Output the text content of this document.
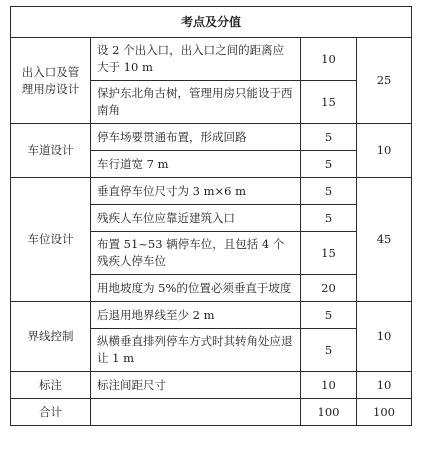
考点及分值			
出入口及管理用房设计	设 2 个出入口，出入口之间的距离应大于 10 m	10	25
	保护东北角古树，管理用房只能设于西南角	15	
车道设计	停车场要贯通布置，形成回路	5	10
	车行道宽 7 m	5	
车位设计	垂直停车位尺寸为 3 m×6 m	5	45
	残疾人车位应靠近建筑入口	5	
	布置 51~53 辆停车位，且包括 4 个残疾人停车位	15	
	用地坡度为 5%的位置必须垂直于坡度	20	
界线控制	后退用地界线至少 2 m	5	10
	纵横垂直排列停车方式时其转角处应退让 1 m	5	
标注	标注间距尺寸	10	10
合计		100	100
